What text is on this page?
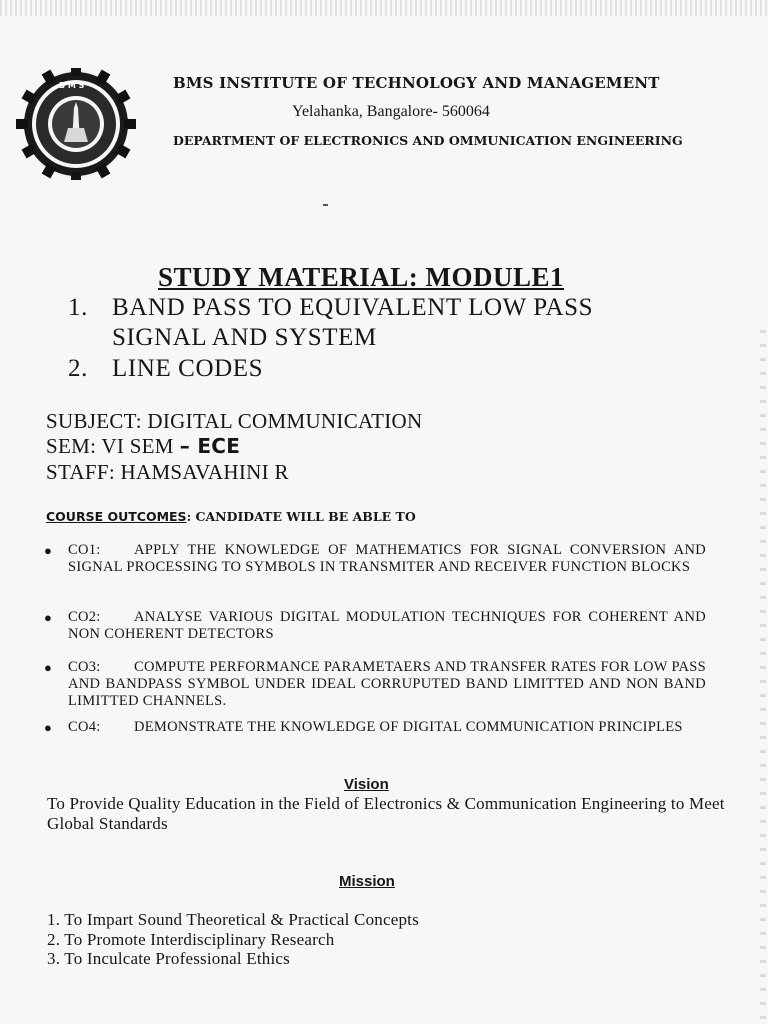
B M S	BMS INSTITUTE OF TECHNOLOGY AND MANAGEMENT
Yelahanka, Bangalore- 560064
DEPARTMENT OF ELECTRONICS AND OMMUNICATION ENGINEERING
STUDY MATERIAL: MODULE1
1. BAND PASS TO EQUIVALENT LOW PASS
SIGNAL AND SYSTEM
2. LINE CODES
SUBJECT: DIGITAL COMMUNICATION
SEM: VI SEM – ECE
STAFF: HAMSAVAHINI R
COURSE OUTCOMES: CANDIDATE WILL BE ABLE TO
● CO1: APPLY THE KNOWLEDGE OF MATHEMATICS FOR SIGNAL CONVERSION AND SIGNAL PROCESSING TO SYMBOLS IN TRANSMITER AND RECEIVER FUNCTION BLOCKS
● CO2: ANALYSE VARIOUS DIGITAL MODULATION TECHNIQUES FOR COHERENT AND NON COHERENT DETECTORS
● CO3: COMPUTE PERFORMANCE PARAMETAERS AND TRANSFER RATES FOR LOW PASS AND BANDPASS SYMBOL UNDER IDEAL CORRUPUTED BAND LIMITTED AND NON BAND LIMITTED CHANNELS.
● CO4: DEMONSTRATE THE KNOWLEDGE OF DIGITAL COMMUNICATION PRINCIPLES
Vision
To Provide Quality Education in the Field of Electronics & Communication Engineering to Meet Global Standards
Mission
1. To Impart Sound Theoretical & Practical Concepts
2. To Promote Interdisciplinary Research
3. To Inculcate Professional Ethics
